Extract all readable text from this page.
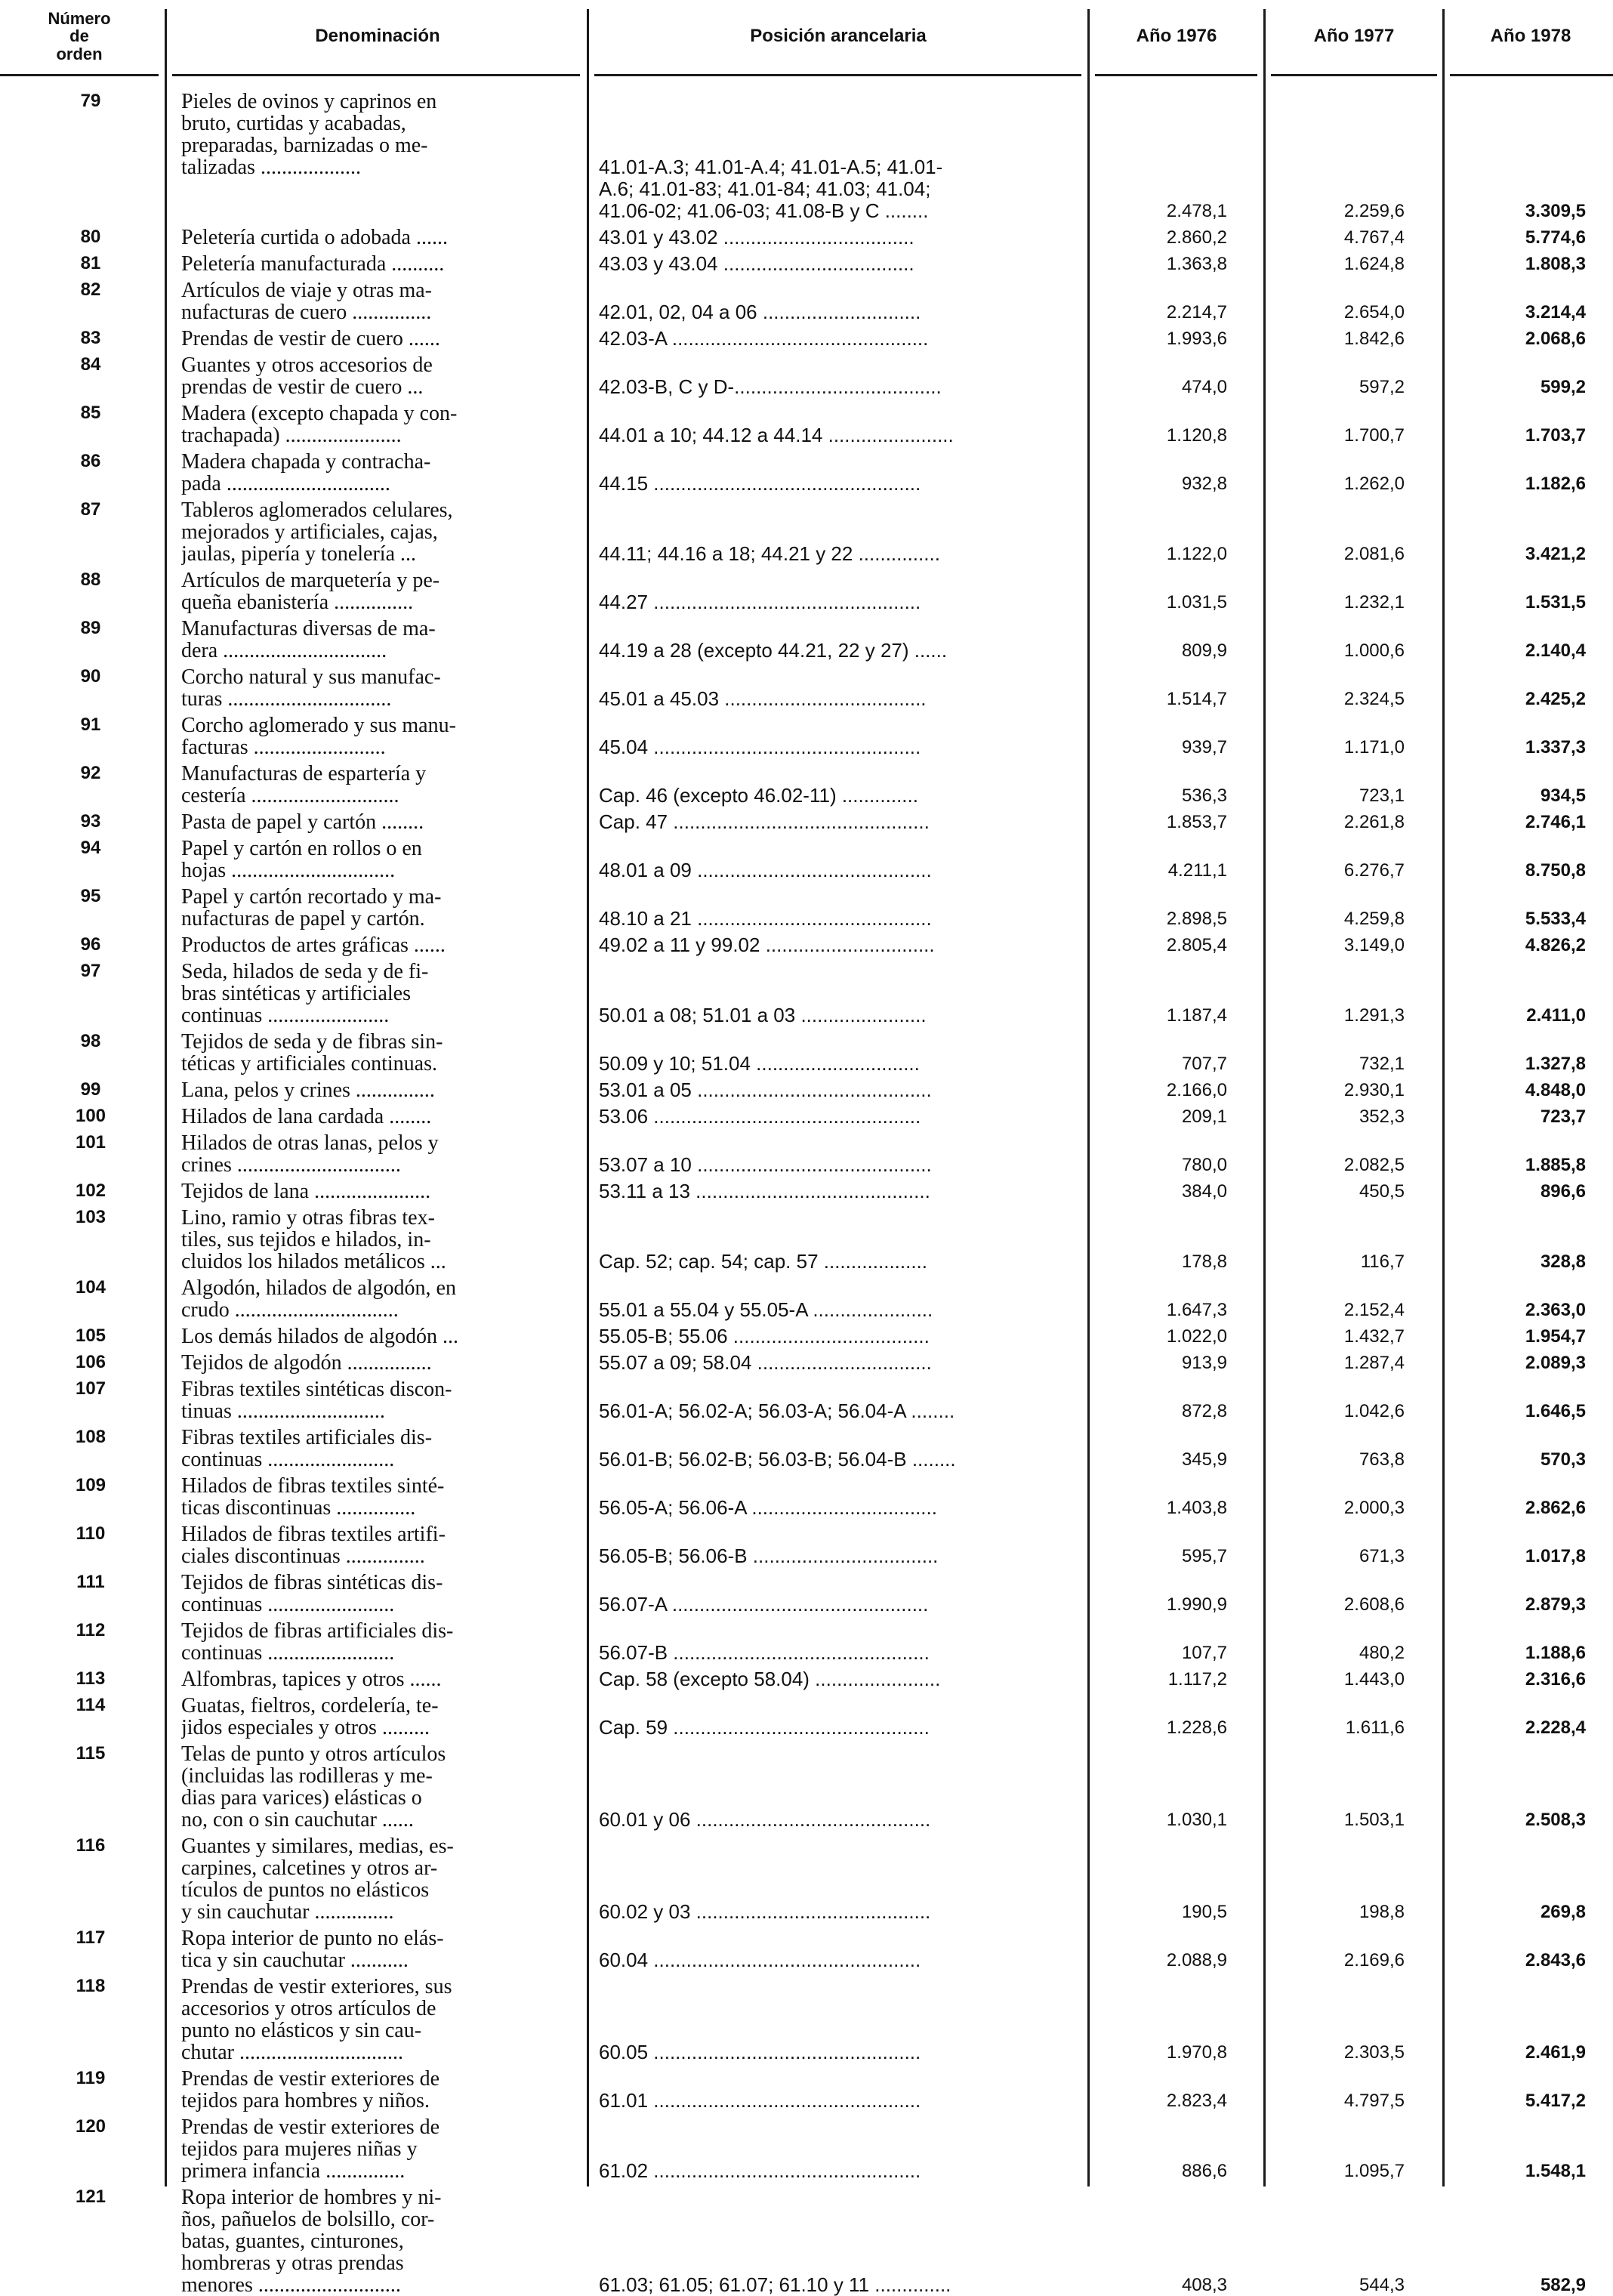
Número
de
orden
Denominación	Posición arancelaria	Año 1976	Año 1977	Año 1978
79	Pieles de ovinos y caprinos en
bruto, curtidas y acabadas,
preparadas, barnizadas o me-
talizadas ...................	41.01-A.3; 41.01-A.4; 41.01-A.5; 41.01-
A.6; 41.01-83; 41.01-84; 41.03; 41.04;
41.06-02; 41.06-03; 41.08-B y C ........	2.478,1	2.259,6	3.309,5
80	Peletería curtida o adobada ......	43.01 y 43.02 ...................................	2.860,2	4.767,4	5.774,6
81	Peletería manufacturada ..........	43.03 y 43.04 ...................................	1.363,8	1.624,8	1.808,3
82	Artículos de viaje y otras ma-
nufacturas de cuero ...............	42.01, 02, 04 a 06 .............................	2.214,7	2.654,0	3.214,4
83	Prendas de vestir de cuero ......	42.03-A ...............................................	1.993,6	1.842,6	2.068,6
84	Guantes y otros accesorios de
prendas de vestir de cuero ...	42.03-B, C y D-......................................	474,0	597,2	599,2
85	Madera (excepto chapada y con-
trachapada) ......................	44.01 a 10; 44.12 a 44.14 .......................	1.120,8	1.700,7	1.703,7
86	Madera chapada y contracha-
pada ...............................	44.15 .................................................	932,8	1.262,0	1.182,6
87	Tableros aglomerados celulares,
mejorados y artificiales, cajas,
jaulas, pipería y tonelería ...	44.11; 44.16 a 18; 44.21 y 22 ...............	1.122,0	2.081,6	3.421,2
88	Artículos de marquetería y pe-
queña ebanistería ...............	44.27 .................................................	1.031,5	1.232,1	1.531,5
89	Manufacturas diversas de ma-
dera ...............................	44.19 a 28 (excepto 44.21, 22 y 27) ......	809,9	1.000,6	2.140,4
90	Corcho natural y sus manufac-
turas ...............................	45.01 a 45.03 .....................................	1.514,7	2.324,5	2.425,2
91	Corcho aglomerado y sus manu-
facturas .........................	45.04 .................................................	939,7	1.171,0	1.337,3
92	Manufacturas de espartería y
cestería ............................	Cap. 46 (excepto 46.02-11) ..............	536,3	723,1	934,5
93	Pasta de papel y cartón ........	Cap. 47 ...............................................	1.853,7	2.261,8	2.746,1
94	Papel y cartón en rollos o en
hojas ...............................	48.01 a 09 ...........................................	4.211,1	6.276,7	8.750,8
95	Papel y cartón recortado y ma-
nufacturas de papel y cartón.	48.10 a 21 ...........................................	2.898,5	4.259,8	5.533,4
96	Productos de artes gráficas ......	49.02 a 11 y 99.02 ...............................	2.805,4	3.149,0	4.826,2
97	Seda, hilados de seda y de fi-
bras sintéticas y artificiales
continuas .......................	50.01 a 08; 51.01 a 03 .......................	1.187,4	1.291,3	2.411,0
98	Tejidos de seda y de fibras sin-
téticas y artificiales continuas.	50.09 y 10; 51.04 ..............................	707,7	732,1	1.327,8
99	Lana, pelos y crines ...............	53.01 a 05 ...........................................	2.166,0	2.930,1	4.848,0
100	Hilados de lana cardada ........	53.06 .................................................	209,1	352,3	723,7
101	Hilados de otras lanas, pelos y
crines ...............................	53.07 a 10 ...........................................	780,0	2.082,5	1.885,8
102	Tejidos de lana ......................	53.11 a 13 ...........................................	384,0	450,5	896,6
103	Lino, ramio y otras fibras tex-
tiles, sus tejidos e hilados, in-
cluidos los hilados metálicos ...	Cap. 52; cap. 54; cap. 57 ...................	178,8	116,7	328,8
104	Algodón, hilados de algodón, en
crudo ...............................	55.01 a 55.04 y 55.05-A ......................	1.647,3	2.152,4	2.363,0
105	Los demás hilados de algodón ...	55.05-B; 55.06 ....................................	1.022,0	1.432,7	1.954,7
106	Tejidos de algodón ................	55.07 a 09; 58.04 ................................	913,9	1.287,4	2.089,3
107	Fibras textiles sintéticas discon-
tinuas ............................	56.01-A; 56.02-A; 56.03-A; 56.04-A ........	872,8	1.042,6	1.646,5
108	Fibras textiles artificiales dis-
continuas ........................	56.01-B; 56.02-B; 56.03-B; 56.04-B ........	345,9	763,8	570,3
109	Hilados de fibras textiles sinté-
ticas discontinuas ...............	56.05-A; 56.06-A ..................................	1.403,8	2.000,3	2.862,6
110	Hilados de fibras textiles artifi-
ciales discontinuas ...............	56.05-B; 56.06-B ..................................	595,7	671,3	1.017,8
111	Tejidos de fibras sintéticas dis-
continuas ........................	56.07-A ...............................................	1.990,9	2.608,6	2.879,3
112	Tejidos de fibras artificiales dis-
continuas ........................	56.07-B ...............................................	107,7	480,2	1.188,6
113	Alfombras, tapices y otros ......	Cap. 58 (excepto 58.04) .......................	1.117,2	1.443,0	2.316,6
114	Guatas, fieltros, cordelería, te-
jidos especiales y otros .........	Cap. 59 ...............................................	1.228,6	1.611,6	2.228,4
115	Telas de punto y otros artículos
(incluidas las rodilleras y me-
dias para varices) elásticas o
no, con o sin cauchutar ......	60.01 y 06 ...........................................	1.030,1	1.503,1	2.508,3
116	Guantes y similares, medias, es-
carpines, calcetines y otros ar-
tículos de puntos no elásticos
y sin cauchutar ...............	60.02 y 03 ...........................................	190,5	198,8	269,8
117	Ropa interior de punto no elás-
tica y sin cauchutar ...........	60.04 .................................................	2.088,9	2.169,6	2.843,6
118	Prendas de vestir exteriores, sus
accesorios y otros artículos de
punto no elásticos y sin cau-
chutar ...............................	60.05 .................................................	1.970,8	2.303,5	2.461,9
119	Prendas de vestir exteriores de
tejidos para hombres y niños.	61.01 .................................................	2.823,4	4.797,5	5.417,2
120	Prendas de vestir exteriores de
tejidos para mujeres niñas y
primera infancia ...............	61.02 .................................................	886,6	1.095,7	1.548,1
121	Ropa interior de hombres y ni-
ños, pañuelos de bolsillo, cor-
batas, guantes, cinturones,
hombreras y otras prendas
menores ...........................	61.03; 61.05; 61.07; 61.10 y 11 ..............	408,3	544,3	582,9
